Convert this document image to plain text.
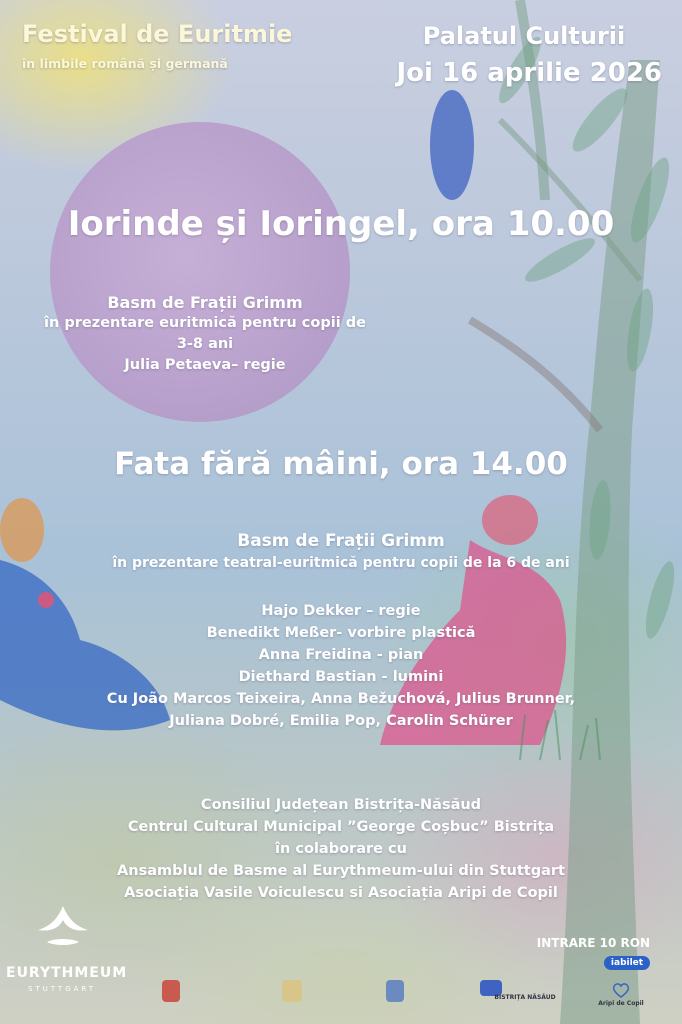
Festival de Euritmie
în limbile română și germană
Palatul Culturii
Joi 16 aprilie 2026
Iorinde și Ioringel, ora 10.00
Basm de Frații Grimm
în prezentare euritmică pentru copii de 3-8 ani
Julia Petaeva– regie
Fata fără mâini, ora 14.00
Basm de Frații Grimm
în prezentare teatral-euritmică pentru copii de la 6 de ani
Hajo Dekker – regie
Benedikt Meßer- vorbire plastică
Anna Freidina - pian
Diethard Bastian - lumini
Cu João Marcos Teixeira, Anna Bežuchová, Julius Brunner,
Juliana Dobré, Emilia Pop, Carolin Schürer
Consiliul Județean Bistrița-Năsăud
Centrul Cultural Municipal ”George Coșbuc” Bistrița
în colaborare cu
Ansamblul de Basme al Eurythmeum-ului din Stuttgart
Asociația Vasile Voiculescu si Asociația Aripi de Copil
EURYTHMEUM
STUTTGART
INTRARE 10 RON
iabilet
BISTRIȚA NĂSĂUD
Aripi de Copil
